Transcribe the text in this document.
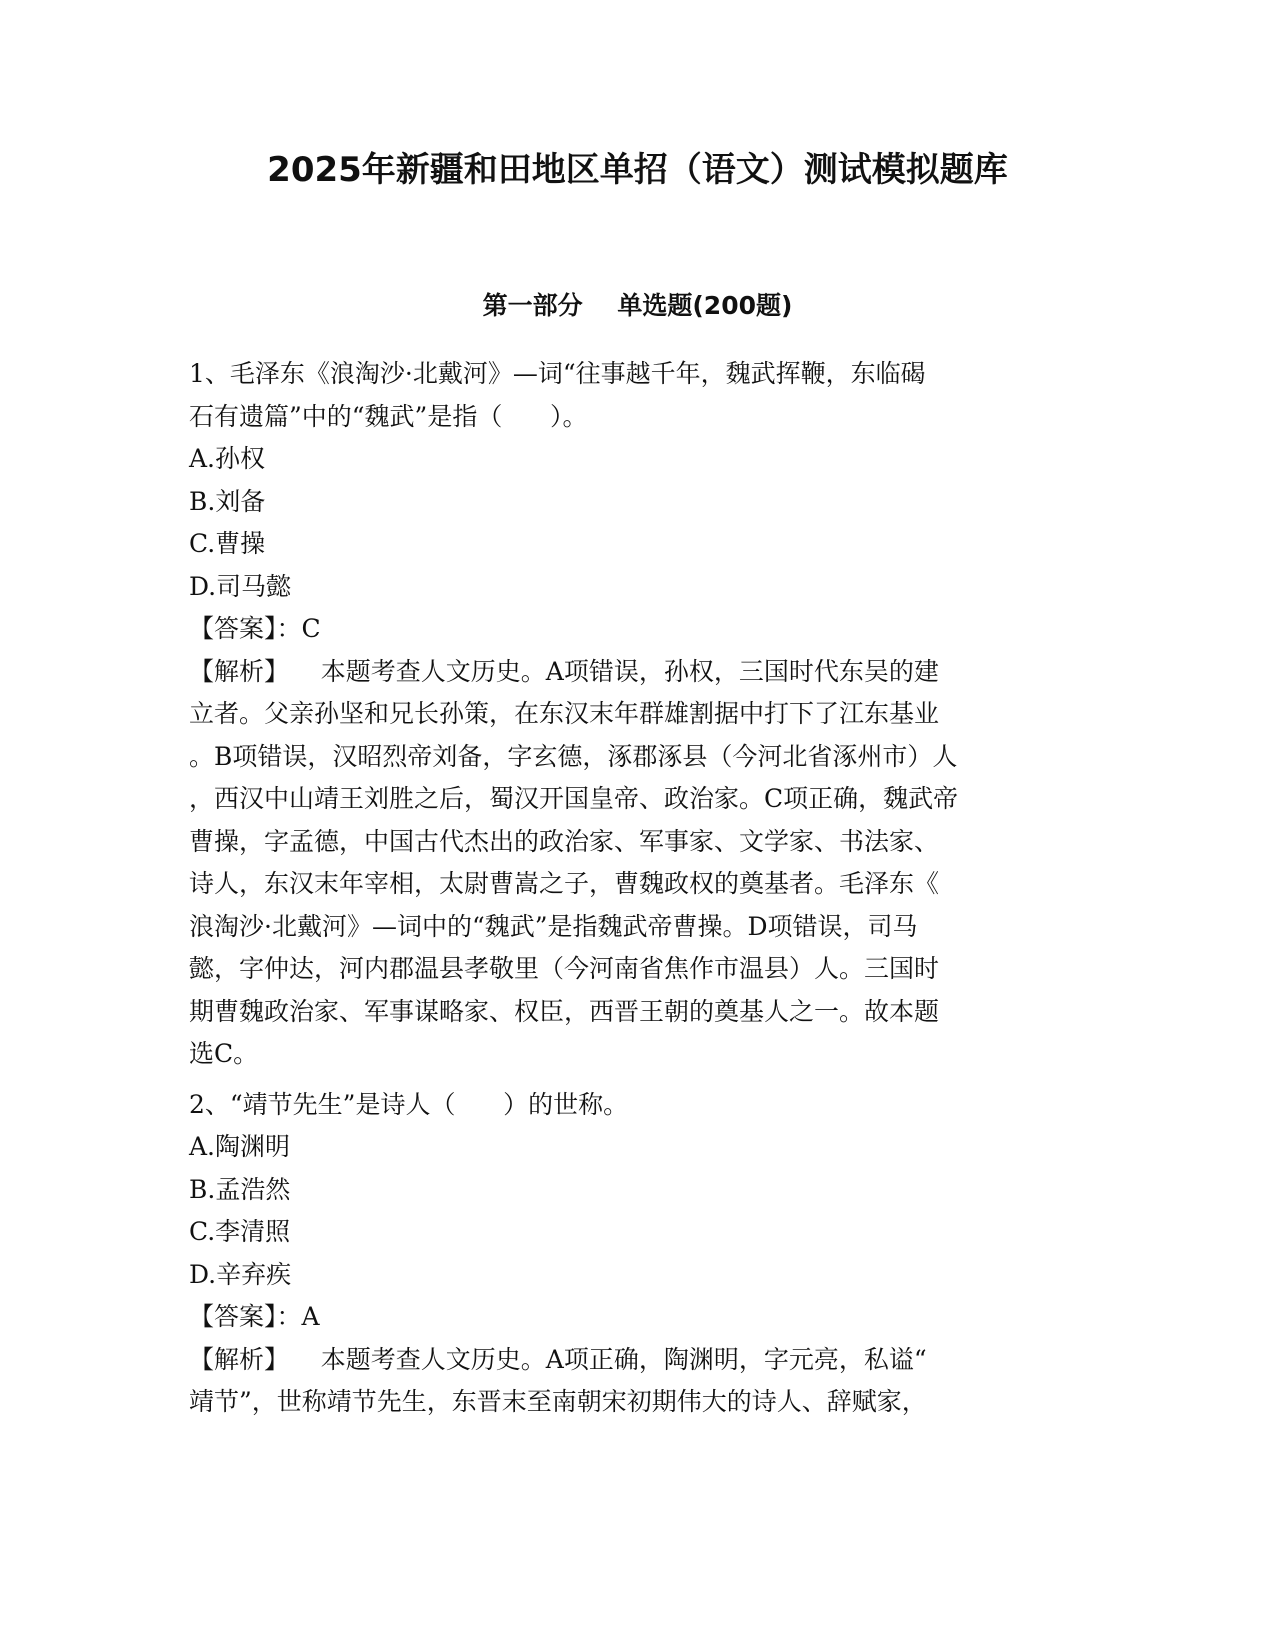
2025年新疆和田地区单招（语文）测试模拟题库
第一部分    单选题(200题)
1、毛泽东《浪淘沙·北戴河》—词“往事越千年，魏武挥鞭，东临碣
石有遗篇”中的“魏武”是指（      ）。
A.孙权
B.刘备
C.曹操
D.司马懿
【答案】：C
【解析】    本题考查人文历史。A项错误，孙权，三国时代东吴的建
立者。父亲孙坚和兄长孙策，在东汉末年群雄割据中打下了江东基业
。B项错误，汉昭烈帝刘备，字玄德，涿郡涿县（今河北省涿州市）人
，西汉中山靖王刘胜之后，蜀汉开国皇帝、政治家。C项正确，魏武帝
曹操，字孟德，中国古代杰出的政治家、军事家、文学家、书法家、
诗人，东汉末年宰相，太尉曹嵩之子，曹魏政权的奠基者。毛泽东《
浪淘沙·北戴河》—词中的“魏武”是指魏武帝曹操。D项错误，司马
懿，字仲达，河内郡温县孝敬里（今河南省焦作市温县）人。三国时
期曹魏政治家、军事谋略家、权臣，西晋王朝的奠基人之一。故本题
选C。
2、“靖节先生”是诗人（      ）的世称。
A.陶渊明
B.孟浩然
C.李清照
D.辛弃疾
【答案】：A
【解析】    本题考查人文历史。A项正确，陶渊明，字元亮，私谥“
靖节”，世称靖节先生，东晋末至南朝宋初期伟大的诗人、辞赋家，
